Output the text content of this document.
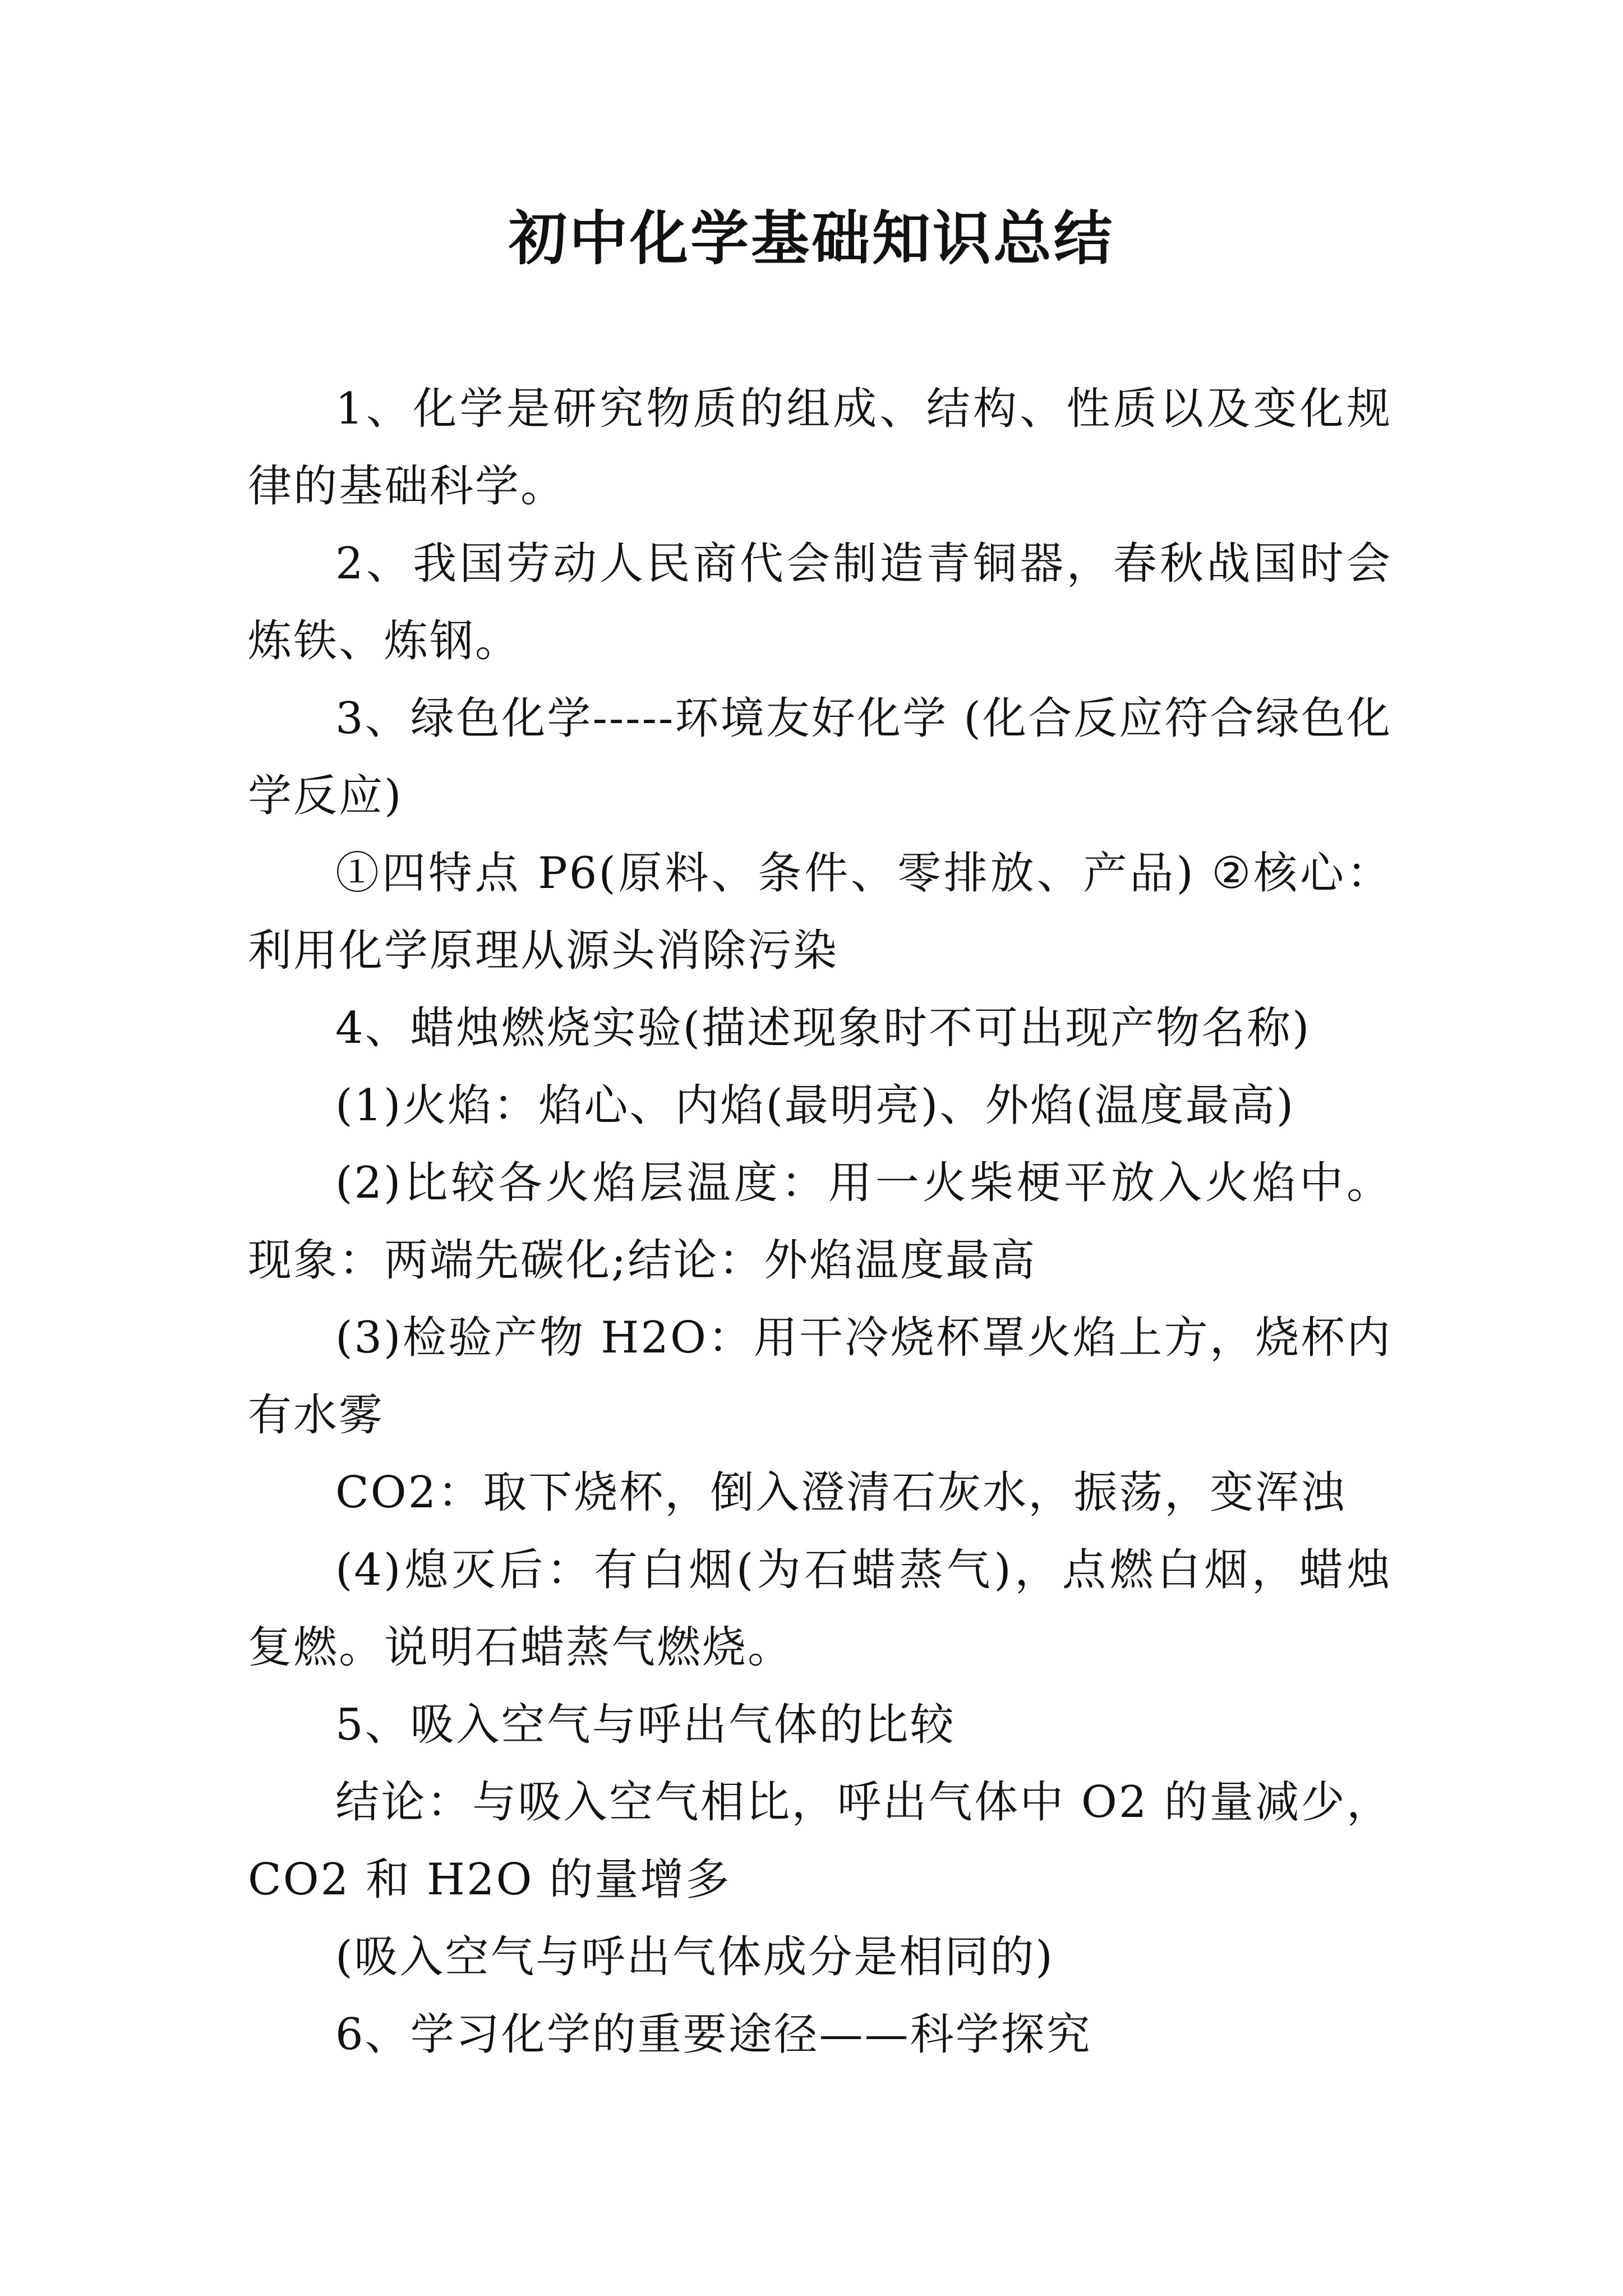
初中化学基础知识总结

1、化学是研究物质的组成、结构、性质以及变化规律的基础科学。

2、我国劳动人民商代会制造青铜器，春秋战国时会炼铁、炼钢。

3、绿色化学-----环境友好化学 (化合反应符合绿色化学反应)

①四特点 P6(原料、条件、零排放、产品) ②核心：利用化学原理从源头消除污染

4、蜡烛燃烧实验(描述现象时不可出现产物名称)

(1)火焰：焰心、内焰(最明亮)、外焰(温度最高)

(2)比较各火焰层温度：用一火柴梗平放入火焰中。现象：两端先碳化;结论：外焰温度最高

(3)检验产物 H2O：用干冷烧杯罩火焰上方，烧杯内有水雾

CO2：取下烧杯，倒入澄清石灰水，振荡，变浑浊

(4)熄灭后：有白烟(为石蜡蒸气)，点燃白烟，蜡烛复燃。说明石蜡蒸气燃烧。

5、吸入空气与呼出气体的比较

结论：与吸入空气相比，呼出气体中 O2 的量减少，CO2 和 H2O 的量增多

(吸入空气与呼出气体成分是相同的)

6、学习化学的重要途径——科学探究
